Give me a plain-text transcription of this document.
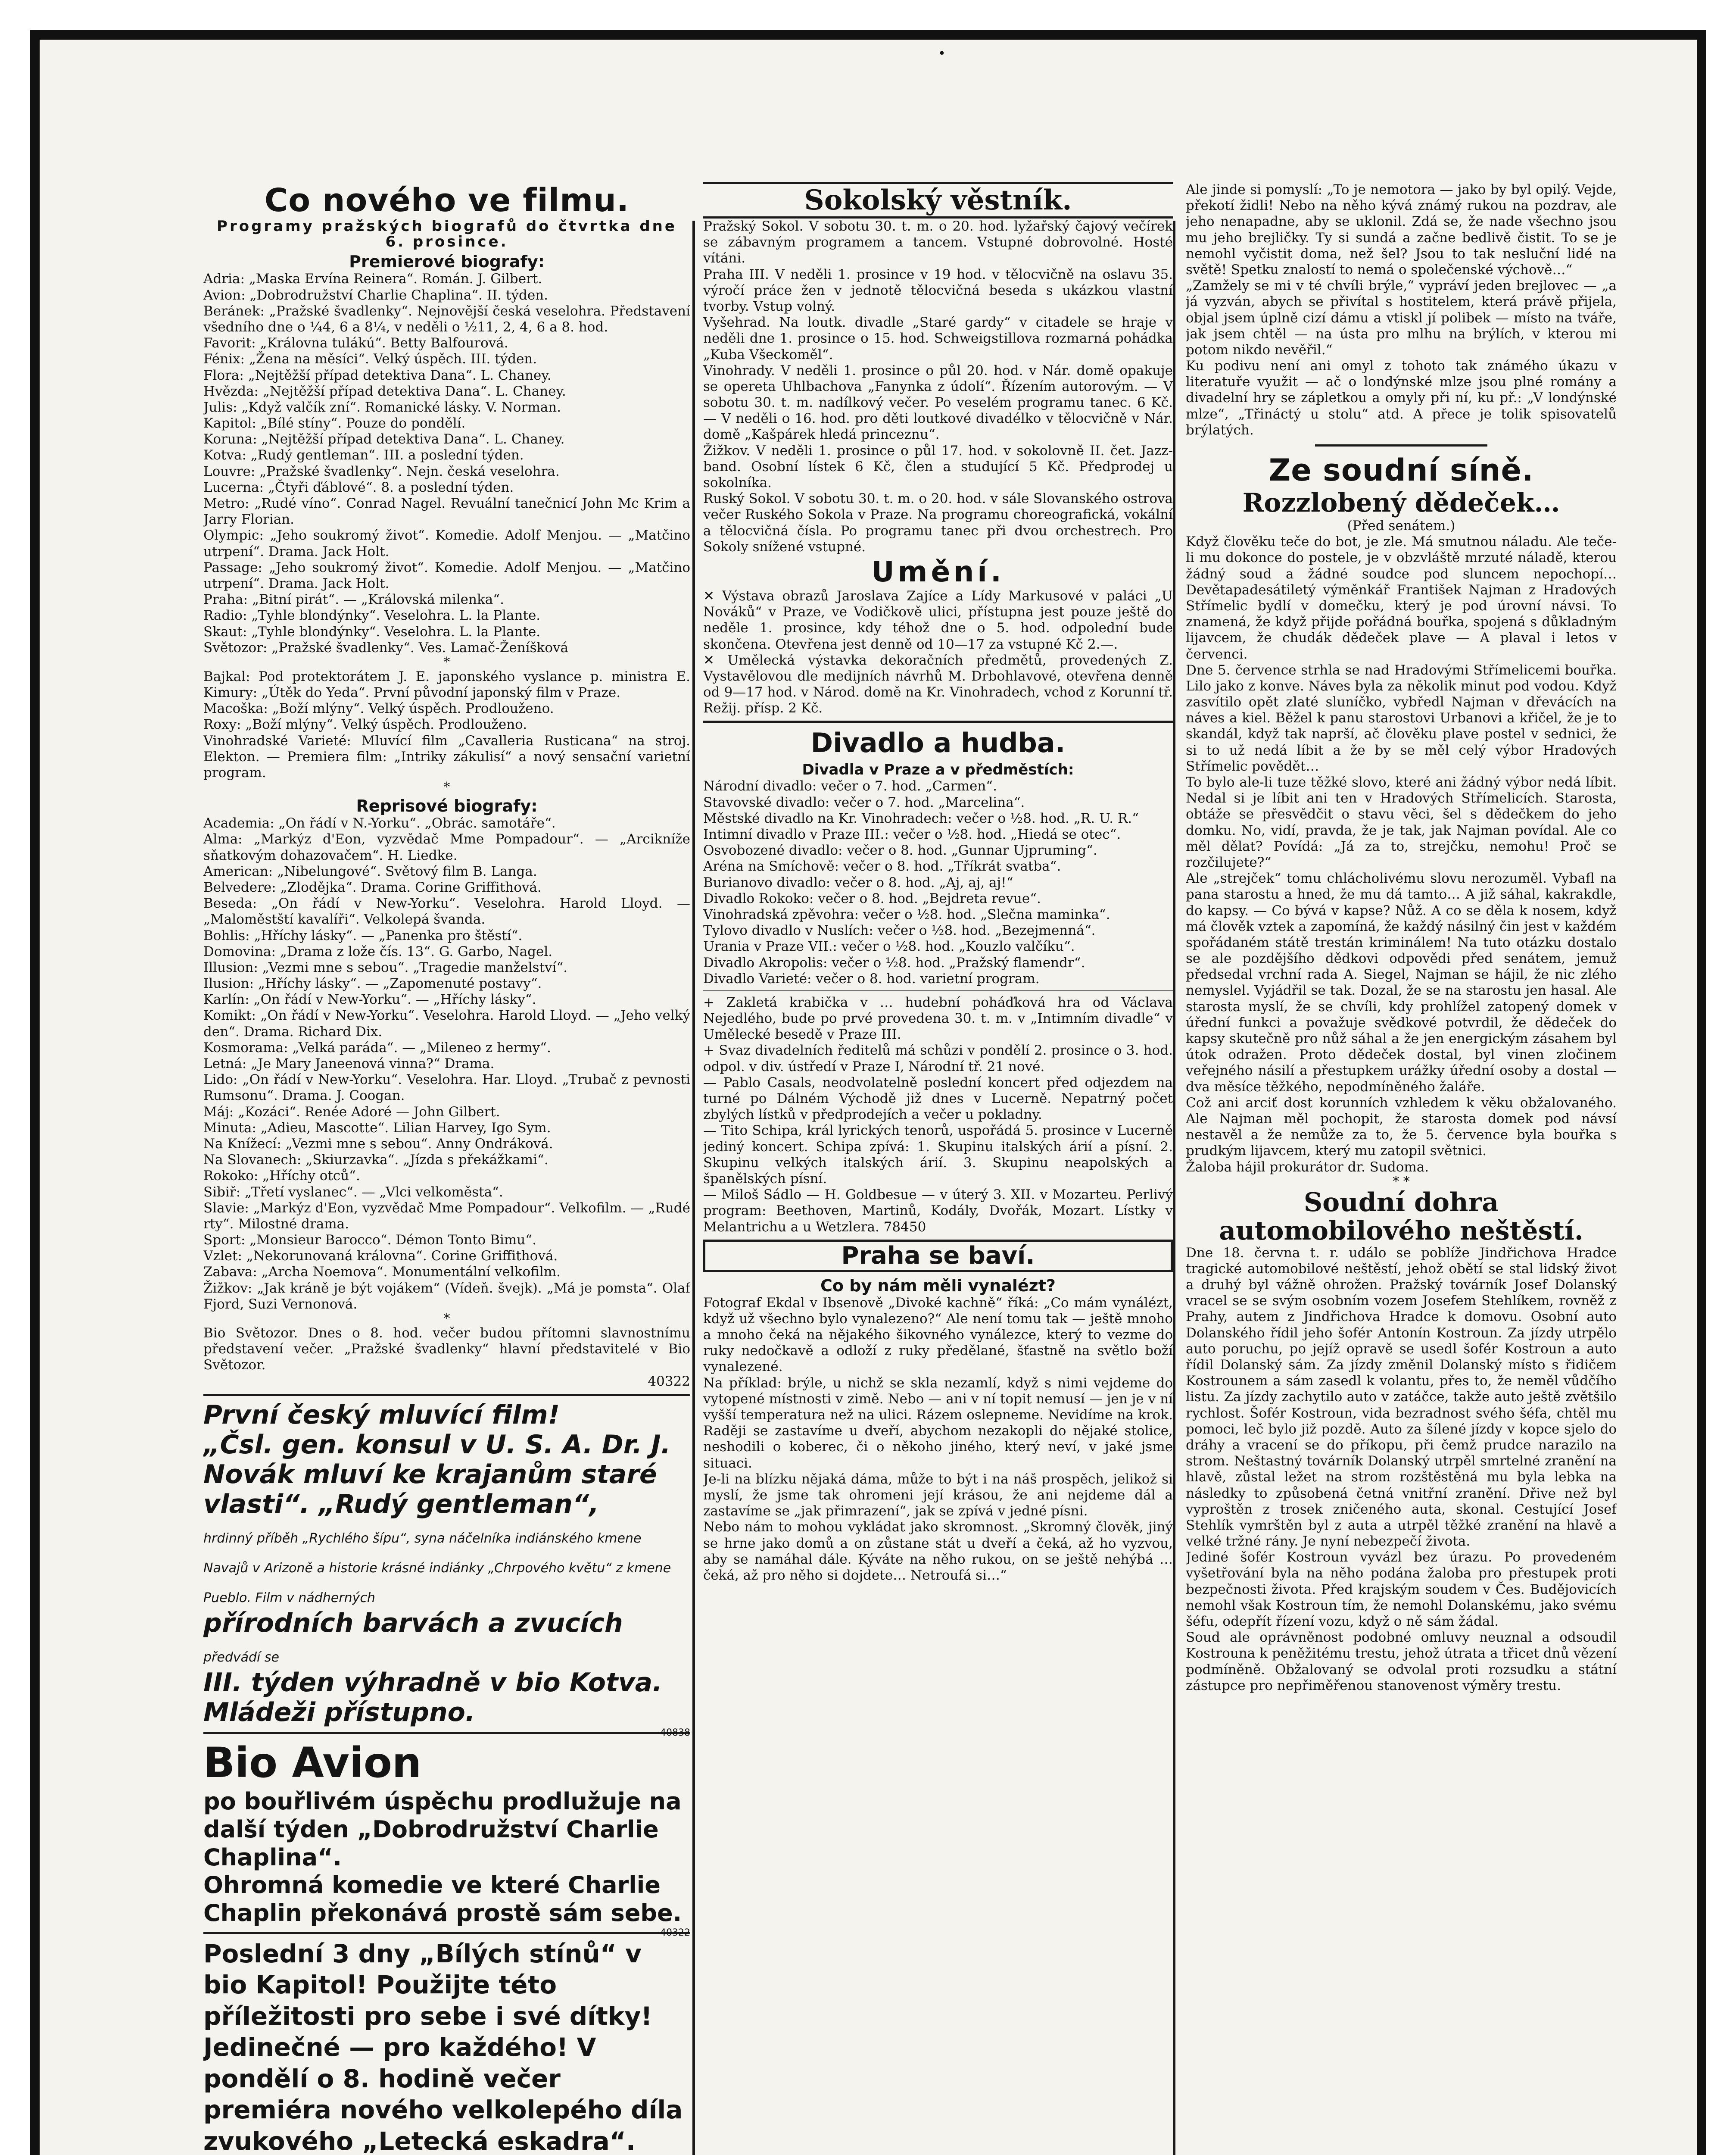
•
Co nového ve filmu.
Programy pražských biografů do čtvrtka dne 6. prosince.
Premierové biografy:

Adria: „Maska Ervína Reinera“. Román. J. Gilbert.

Avion: „Dobrodružství Charlie Chaplina“. II. týden.

Beránek: „Pražské švadlenky“. Nejnovější česká veselohra. Představení všedního dne o ¼4, 6 a 8¼, v neděli o ½11, 2, 4, 6 a 8. hod.

Favorit: „Královna tulákú“. Betty Balfourová.

Fénix: „Žena na měsíci“. Velký úspěch. III. týden.

Flora: „Nejtěžší případ detektiva Dana“. L. Chaney.

Hvězda: „Nejtěžší případ detektiva Dana“. L. Chaney.

Julis: „Když valčík zní“. Romanické lásky. V. Norman.

Kapitol: „Bílé stíny“. Pouze do pondělí.

Koruna: „Nejtěžší případ detektiva Dana“. L. Chaney.

Kotva: „Rudý gentleman“. III. a poslední týden.

Louvre: „Pražské švadlenky“. Nejn. česká veselohra.

Lucerna: „Čtyři ďáblové“. 8. a poslední týden.

Metro: „Rudé víno“. Conrad Nagel. Revuální tanečnicí John Mc Krim a Jarry Florian.

Olympic: „Jeho soukromý život“. Komedie. Adolf Menjou. — „Matčino utrpení“. Drama. Jack Holt.

Passage: „Jeho soukromý život“. Komedie. Adolf Menjou. — „Matčino utrpení“. Drama. Jack Holt.

Praha: „Bitní pirát“. — „Královská milenka“.

Radio: „Tyhle blondýnky“. Veselohra. L. la Plante.

Skaut: „Tyhle blondýnky“. Veselohra. L. la Plante.

Světozor: „Pražské švadlenky“. Ves. Lamač-Ženíšková

*

Bajkal: Pod protektorátem J. E. japonského vyslance p. ministra E. Kimury: „Útěk do Yeda“. První původní japonský film v Praze.

Macoška: „Boží mlýny“. Velký úspěch. Prodlouženo.

Roxy: „Boží mlýny“. Velký úspěch. Prodlouženo.

Vinohradské Varieté: Mluvící film „Cavalleria Rusticana“ na stroj. Elekton. — Premiera film: „Intriky zákulisí“ a nový sensační varietní program.

*
Reprisové biografy:

Academia: „On řádí v N.-Yorku“. „Obrác. samotáře“.

Alma: „Markýz d'Eon, vyzvědač Mme Pompadour“. — „Arcikníže sňatkovým dohazovačem“. H. Liedke.

American: „Nibelungové“. Světový film B. Langa.

Belvedere: „Zlodějka“. Drama. Corine Griffithová.

Beseda: „On řádí v New-Yorku“. Veselohra. Harold Lloyd. — „Maloměstští kavalíři“. Velkolepá švanda.

Bohlis: „Hříchy lásky“. — „Panenka pro štěstí“.

Domovina: „Drama z lože čís. 13“. G. Garbo, Nagel.

Illusion: „Vezmi mne s sebou“. „Tragedie manželství“.

Ilusion: „Hříchy lásky“. — „Zapomenuté postavy“.

Karlín: „On řádí v New-Yorku“. — „Hříchy lásky“.

Komikt: „On řádí v New-Yorku“. Veselohra. Harold Lloyd. — „Jeho velký den“. Drama. Richard Dix.

Kosmorama: „Velká paráda“. — „Mileneo z hermy“.

Letná: „Je Mary Janeenová vinna?“ Drama.

Lido: „On řádí v New-Yorku“. Veselohra. Har. Lloyd. „Trubač z pevnosti Rumsonu“. Drama. J. Coogan.

Máj: „Kozáci“. Renée Adoré — John Gilbert.

Minuta: „Adieu, Mascotte“. Lilian Harvey, Igo Sym.

Na Knížecí: „Vezmi mne s sebou“. Anny Ondráková.

Na Slovanech: „Skiurzavka“. „Jízda s překážkami“.

Rokoko: „Hříchy otců“.

Sibiř: „Třetí vyslanec“. — „Vlci velkoměsta“.

Slavie: „Markýz d'Eon, vyzvědač Mme Pompadour“. Velkofilm. — „Rudé rty“. Milostné drama.

Sport: „Monsieur Barocco“. Démon Tonto Bimu“.

Vzlet: „Nekorunovaná královna“. Corine Griffithová.

Zabava: „Archa Noemova“. Monumentální velkofilm.

Žižkov: „Jak kráně je být vojákem“ (Vídeň. švejk). „Má je pomsta“. Olaf Fjord, Suzi Vernonová.

*

Bio Světozor. Dnes o 8. hod. večer budou přítomni slavnostnímu představení večer. „Pražské švadlenky“ hlavní představitelé v Bio Světozor.

40322

První český mluvící film!
„Čsl. gen. konsul v U. S. A. Dr. J. Novák mluví ke krajanům staré vlasti“. „Rudý gentleman“,
hrdinný příběh „Rychlého šípu“, syna náčelníka indiánského kmene Navajů v Arizoně a historie krásné indiánky „Chrpového květu“ z kmene Pueblo. Film v nádherných
přírodních barvách a zvucích
předvádí se
III. týden výhradně v bio Kotva.
Mládeži přístupno.
40838
Bio Avion
po bouřlivém úspěchu prodlužuje na další týden „Dobrodružství Charlie Chaplina“.
Ohromná komedie ve které Charlie Chaplin překonává prostě sám sebe.
40322
Poslední 3 dny „Bílých stínů“ v bio Kapitol! Použijte této příležitosti pro sebe i své dítky! Jedinečné — pro každého! V pondělí o 8. hodině večer premiéra nového velkolepého díla zvukového „Letecká eskadra“.
Sokolský věstník.

Pražský Sokol. V sobotu 30. t. m. o 20. hod. lyžařský čajový večírek se zábavným programem a tancem. Vstupné dobrovolné. Hosté vítáni.

Praha III. V neděli 1. prosince v 19 hod. v tělocvičně na oslavu 35. výročí práce žen v jednotě tělocvičná beseda s ukázkou vlastní tvorby. Vstup volný.

Vyšehrad. Na loutk. divadle „Staré gardy“ v citadele se hraje v neděli dne 1. prosince o 15. hod. Schweigstillova rozmarná pohádka „Kuba Všeckoměl“.

Vinohrady. V neděli 1. prosince o půl 20. hod. v Nár. domě opakuje se opereta Uhlbachova „Fanynka z údolí“. Řízením autorovým. — V sobotu 30. t. m. nadílkový večer. Po veselém programu tanec. 6 Kč. — V neděli o 16. hod. pro děti loutkové divadélko v tělocvičně v Nár. domě „Kašpárek hledá princeznu“.

Žižkov. V neděli 1. prosince o půl 17. hod. v sokolovně II. čet. Jazz-band. Osobní lístek 6 Kč, člen a studující 5 Kč. Předprodej u sokolníka.

Ruský Sokol. V sobotu 30. t. m. o 20. hod. v sále Slovanského ostrova večer Ruského Sokola v Praze. Na programu choreografická, vokální a tělocvičná čísla. Po programu tanec při dvou orchestrech. Pro Sokoly snížené vstupné.

Umění.

✕ Výstava obrazů Jaroslava Zajíce a Lídy Markusové v paláci „U Nováků“ v Praze, ve Vodičkově ulici, přístupna jest pouze ještě do neděle 1. prosince, kdy téhož dne o 5. hod. odpolední bude skončena. Otevřena jest denně od 10—17 za vstupné Kč 2.—.

✕ Umělecká výstavka dekoračních předmětů, provedených Z. Vystavělovou dle medijních návrhů M. Drbohlavové, otevřena denně od 9—17 hod. v Národ. domě na Kr. Vinohradech, vchod z Korunní tř. Režij. přísp. 2 Kč.

Divadlo a hudba.
Divadla v Praze a v předměstích:

Národní divadlo: večer o 7. hod. „Carmen“.

Stavovské divadlo: večer o 7. hod. „Marcelina“.

Městské divadlo na Kr. Vinohradech: večer o ½8. hod. „R. U. R.“

Intimní divadlo v Praze III.: večer o ½8. hod. „Hiedá se otec“.

Osvobozené divadlo: večer o 8. hod. „Gunnar Ujpruming“.

Aréna na Smíchově: večer o 8. hod. „Tříkrát svatba“.

Burianovo divadlo: večer o 8. hod. „Aj, aj, aj!“

Divadlo Rokoko: večer o 8. hod. „Bejdreta revue“.

Vinohradská zpěvohra: večer o ½8. hod. „Slečna maminka“.

Tylovo divadlo v Nuslích: večer o ½8. hod. „Bezejmenná“.

Urania v Praze VII.: večer o ½8. hod. „Kouzlo valčíku“.

Divadlo Akropolis: večer o ½8. hod. „Pražský flamendr“.

Divadlo Varieté: večer o 8. hod. varietní program.

+ Zakletá krabička v … hudební poháďková hra od Václava Nejedlého, bude po prvé provedena 30. t. m. v „Intimním divadle“ v Umělecké besedě v Praze III.

+ Svaz divadelních ředitelů má schůzi v pondělí 2. prosince o 3. hod. odpol. v div. ústředí v Praze I, Národní tř. 21 nové.

— Pablo Casals, neodvolatelně poslední koncert před odjezdem na turné po Dálném Východě již dnes v Lucerně. Nepatrný počet zbylých lístků v předprodejích a večer u pokladny.

— Tito Schipa, král lyrických tenorů, uspořádá 5. prosince v Lucerně jediný koncert. Schipa zpívá: 1. Skupinu italských árií a písní. 2. Skupinu velkých italských árií. 3. Skupinu neapolských a španělských písní.

— Miloš Sádlo — H. Goldbesue — v úterý 3. XII. v Mozarteu. Perlivý program: Beethoven, Martinů, Kodály, Dvořák, Mozart. Lístky v Melantrichu a u Wetzlera. 78450

Praha se baví.
Co by nám měli vynalézt?

Fotograf Ekdal v Ibsenově „Divoké kachně“ říká: „Co mám vynálézt, když už všechno bylo vynalezeno?“ Ale není tomu tak — ještě mnoho a mnoho čeká na nějakého šikovného vynálezce, který to vezme do ruky nedočkavě a odloží z ruky předělané, šťastně na světlo boží vynalezené.

Na příklad: brýle, u nichž se skla nezamlí, když s nimi vejdeme do vytopené místnosti v zimě. Nebo — ani v ní topit nemusí — jen je v ní vyšší temperatura než na ulici. Rázem oslepneme. Nevidíme na krok. Raději se zastavíme u dveří, abychom nezakopli do nějaké stolice, neshodili o koberec, či o někoho jiného, který neví, v jaké jsme situaci.

Je-li na blízku nějaká dáma, může to být i na náš prospěch, jelikož si myslí, že jsme tak ohromeni její krásou, že ani nejdeme dál a zastavíme se „jak přimrazení“, jak se zpívá v jedné písni.

Nebo nám to mohou vykládat jako skromnost. „Skromný člověk, jiný se hrne jako domů a on zůstane stát u dveří a čeká, až ho vyzvou, aby se namáhal dále. Kýváte na něho rukou, on se ještě nehýbá … čeká, až pro něho si dojdete… Netroufá si…“

Ale jinde si pomyslí: „To je nemotora — jako by byl opilý. Vejde, překotí židli! Nebo na něho kývá známý rukou na pozdrav, ale jeho nenapadne, aby se uklonil. Zdá se, že nade všechno jsou mu jeho brejličky. Ty si sundá a začne bedlivě čistit. To se je nemohl vyčistit doma, než šel? Jsou to tak nesluční lidé na světě! Spetku znalostí to nemá o společenské výchově…“

„Zamžely se mi v té chvíli brýle,“ vypráví jeden brejlovec — „a já vyzván, abych se přivítal s hostitelem, která právě přijela, objal jsem úplně cizí dámu a vtiskl jí polibek — místo na tváře, jak jsem chtěl — na ústa pro mlhu na brýlích, v kterou mi potom nikdo nevěřil.“

Ku podivu není ani omyl z tohoto tak známého úkazu v literatuře využit — ač o londýnské mlze jsou plné romány a divadelní hry se zápletkou a omyly při ní, ku př.: „V londýnské mlze“, „Třináctý u stolu“ atd. A přece je tolik spisovatelů brýlatých.

Ze soudní síně.
Rozzlobený dědeček…

(Před senátem.)

Když člověku teče do bot, je zle. Má smutnou náladu. Ale teče-li mu dokonce do postele, je v obzvláště mrzuté náladě, kterou žádný soud a žádné soudce pod sluncem nepochopí… Devětapadesátiletý výměnkář František Najman z Hradových Střímelic bydlí v domečku, který je pod úrovní návsi. To znamená, že když přijde pořádná bouřka, spojená s důkladným lijavcem, že chudák dědeček plave — A plaval i letos v červenci.

Dne 5. července strhla se nad Hradovými Střímelicemi bouřka. Lilo jako z konve. Náves byla za několik minut pod vodou. Když zasvítilo opět zlaté sluníčko, vybředl Najman v dřevácích na náves a kiel. Běžel k panu starostovi Urbanovi a křičel, že je to skandál, když tak naprší, ač člověku plave postel v sednici, že si to už nedá líbit a že by se měl celý výbor Hradových Střímelic povědět…

To bylo ale-li tuze těžké slovo, které ani žádný výbor nedá líbit. Nedal si je líbit ani ten v Hradových Střímelicích. Starosta, obtáže se přesvědčit o stavu věci, šel s dědečkem do jeho domku. No, vidí, pravda, že je tak, jak Najman povídal. Ale co měl dělat? Povídá: „Já za to, strejčku, nemohu! Proč se rozčilujete?“

Ale „strejček“ tomu chlácholivému slovu nerozuměl. Vybafl na pana starostu a hned, že mu dá tamto… A již sáhal, kakrakdle, do kapsy. — Co bývá v kapse? Nůž. A co se děla k nosem, když má člověk vztek a zapomíná, že každý násilný čin jest v každém spořádaném státě trestán kriminálem! Na tuto otázku dostalo se ale pozdějšího dědkovi odpovědi před senátem, jemuž předsedal vrchní rada A. Siegel, Najman se hájil, že nic zlého nemyslel. Vyjádřil se tak. Dozal, že se na starostu jen hasal. Ale starosta myslí, že se chvíli, kdy prohlížel zatopený domek v úřední funkci a považuje svědkové potvrdil, že dědeček do kapsy skutečně pro nůž sáhal a že jen energickým zásahem byl útok odražen. Proto dědeček dostal, byl vinen zločinem veřejného násilí a přestupkem urážky úřední osoby a dostal — dva měsíce těžkého, nepodmíněného žaláře.

Což ani arciť dost korunních vzhledem k věku obžalovaného. Ale Najman měl pochopit, že starosta domek pod návsí nestavěl a že nemůže za to, že 5. července byla bouřka s prudkým lijavcem, který mu zatopil světnici.

Žaloba hájil prokurátor dr. Sudoma.

* *
Soudní dohra automobilového neštěstí.

Dne 18. června t. r. událo se poblíže Jindřichova Hradce tragické automobilové neštěstí, jehož obětí se stal lidský život a druhý byl vážně ohrožen. Pražský továrník Josef Dolanský vracel se se svým osobním vozem Josefem Stehlíkem, rovněž z Prahy, autem z Jindřichova Hradce k domovu. Osobní auto Dolanského řídil jeho šofér Antonín Kostroun. Za jízdy utrpělo auto poruchu, po jejíž opravě se usedl šofér Kostroun a auto řídil Dolanský sám. Za jízdy změnil Dolanský místo s řidičem Kostrounem a sám zasedl k volantu, přes to, že neměl vůdčího listu. Za jízdy zachytilo auto v zatáčce, takže auto ještě zvětšilo rychlost. Šofér Kostroun, vida bezradnost svého šéfa, chtěl mu pomoci, leč bylo již pozdě. Auto za šílené jízdy v kopce sjelo do dráhy a vracení se do příkopu, při čemž prudce narazilo na strom. Neštastný továrník Dolanský utrpěl smrtelné zranění na hlavě, zůstal ležet na strom rozštěstěná mu byla lebka na následky to způsobená četná vnitřní zranění. Dřive než byl vyproštěn z trosek zničeného auta, skonal. Cestující Josef Stehlík vymrštěn byl z auta a utrpěl těžké zranění na hlavě a velké tržné rány. Je nyní nebezpečí života.

Jediné šofér Kostroun vyvázl bez úrazu. Po provedeném vyšetřování byla na něho podána žaloba pro přestupek proti bezpečnosti života. Před krajským soudem v Čes. Budějovicích nemohl však Kostroun tím, že nemohl Dolanskému, jako svému šéfu, odepřít řízení vozu, když o ně sám žádal.

Soud ale oprávněnost podobné omluvy neuznal a odsoudil Kostrouna k peněžitému trestu, jehož útrata a třicet dnů vězení podmíněně. Obžalovaný se odvolal proti rozsudku a státní zástupce pro nepřiměřenou stanovenost výměry trestu.
